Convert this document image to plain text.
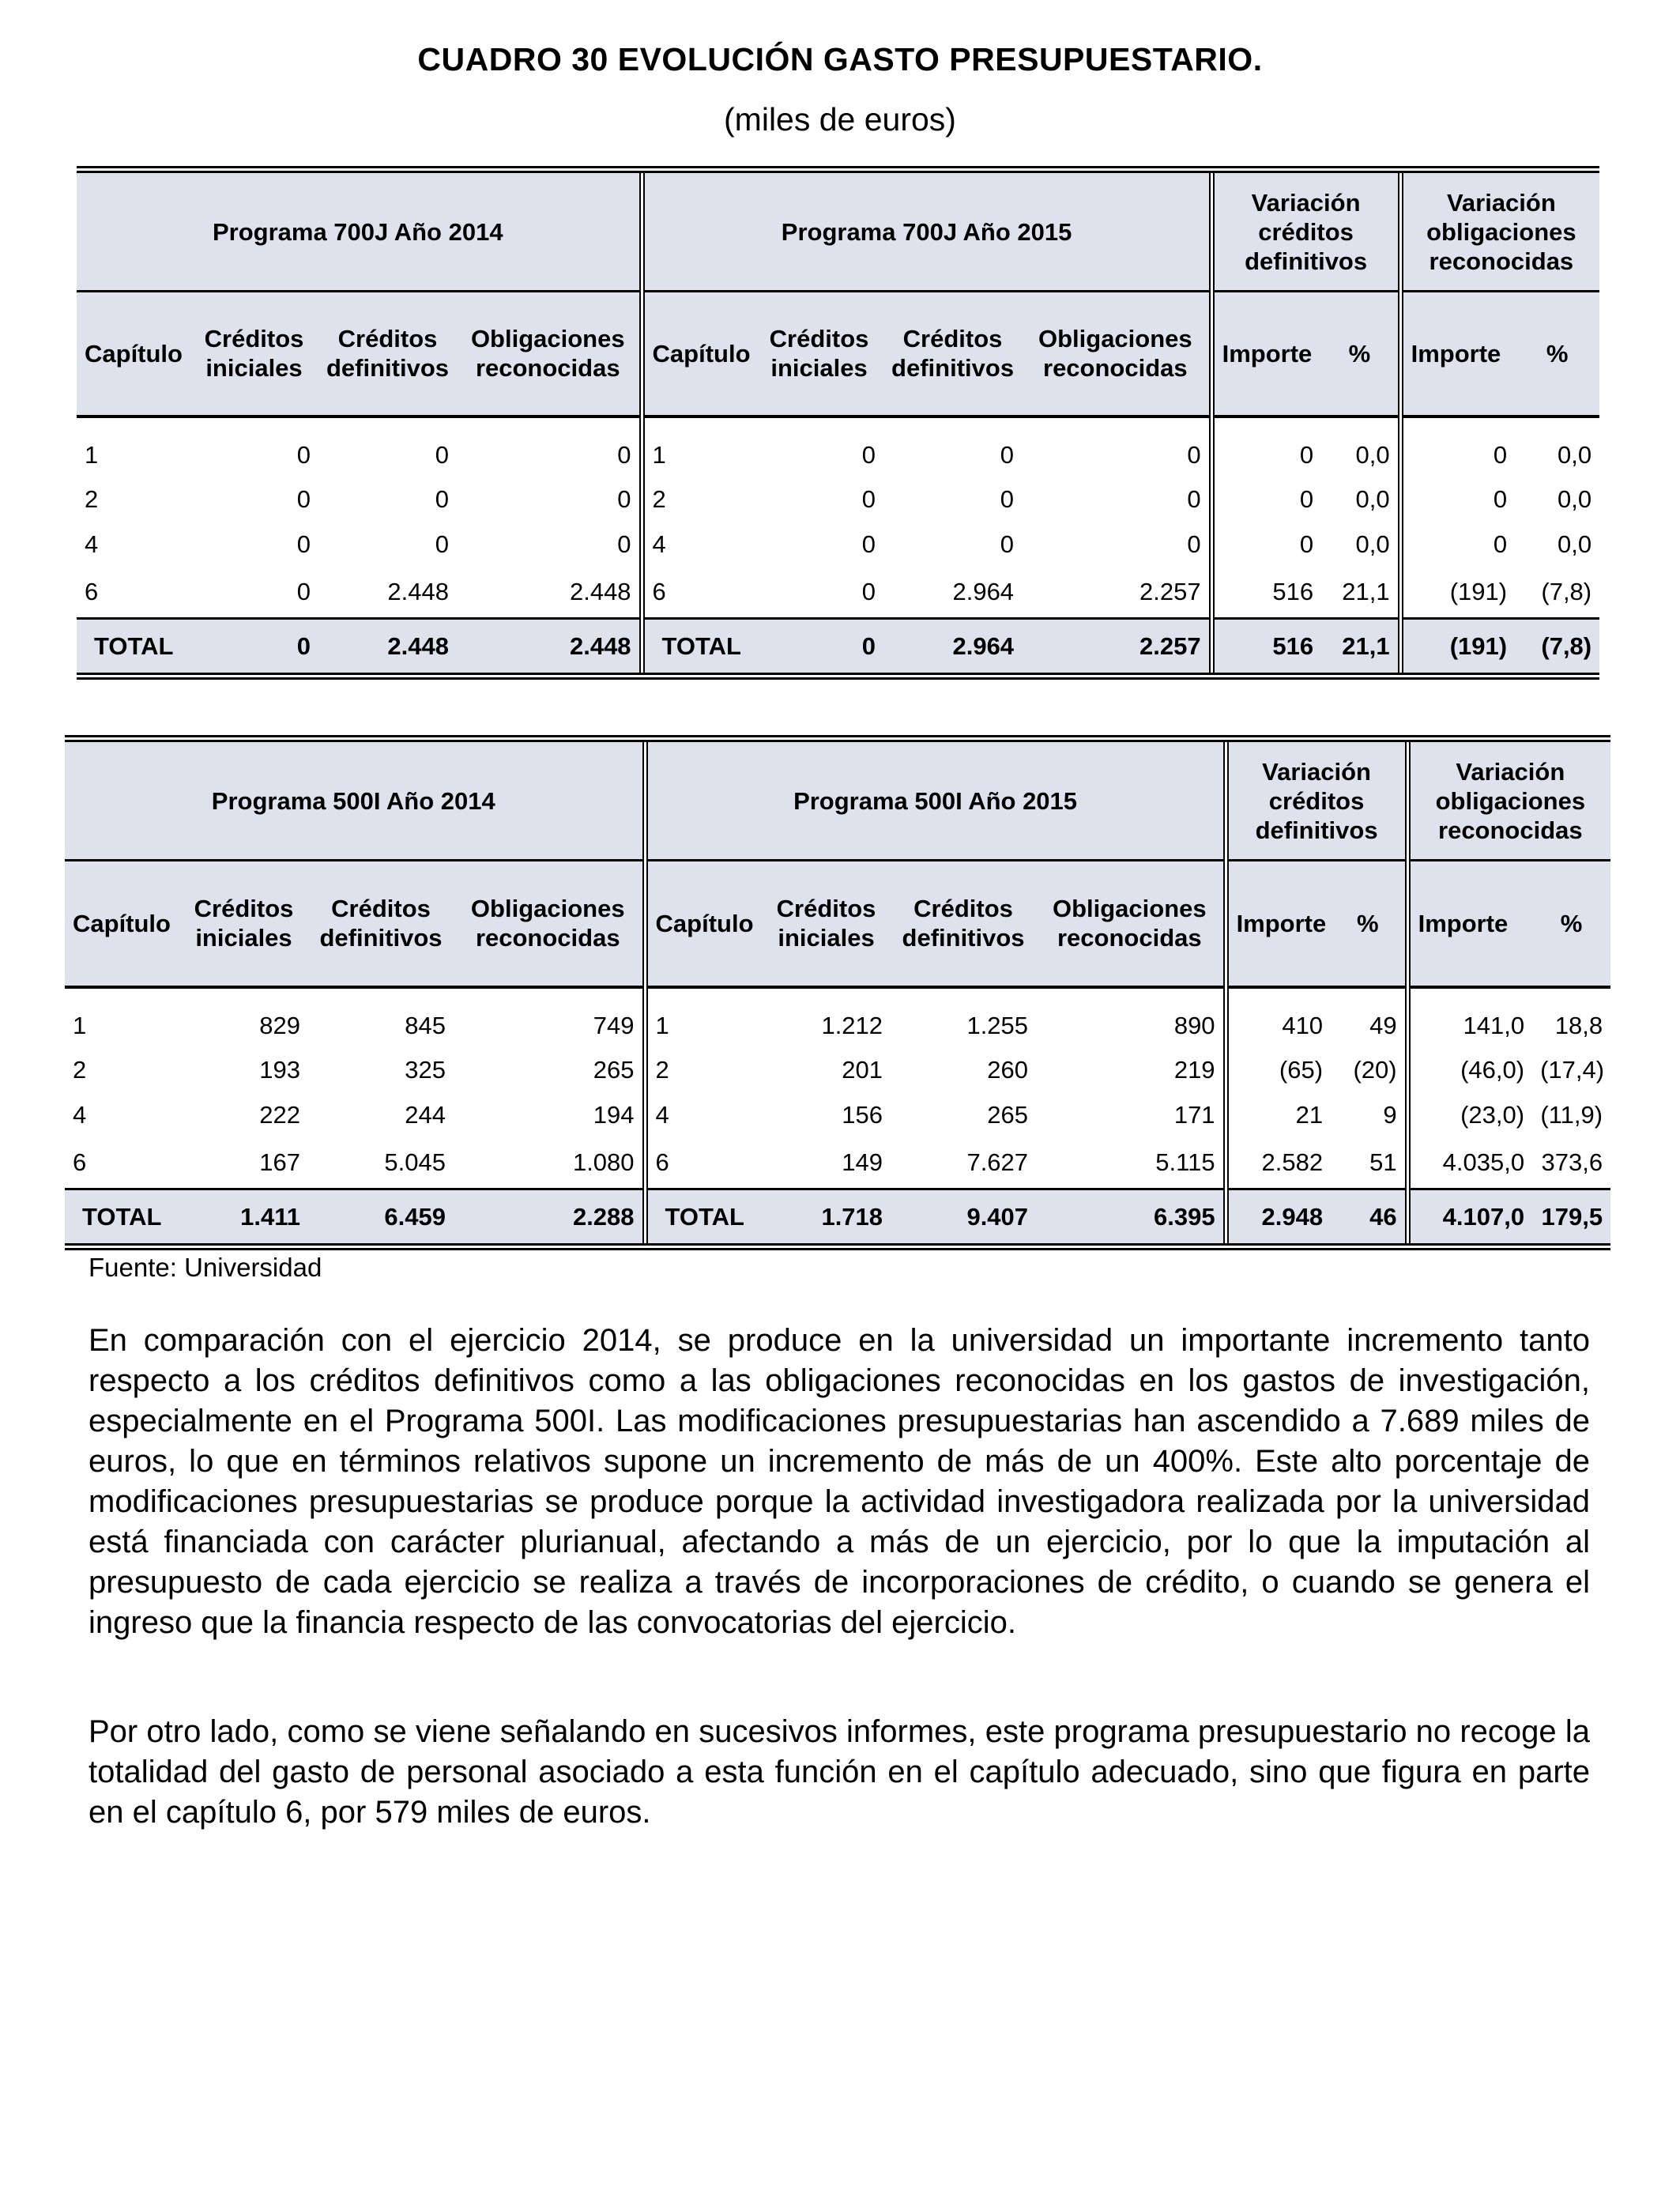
CUADRO 30 EVOLUCIÓN GASTO PRESUPUESTARIO.
(miles de euros)
Programa 700J Año 2014				Programa 700J Año 2015				Variación
créditos
definitivos		Variación
obligaciones
reconocidas	
Capítulo	Créditos
iniciales	Créditos
definitivos	Obligaciones
reconocidas	Capítulo	Créditos
iniciales	Créditos
definitivos	Obligaciones
reconocidas	Importe	%	Importe	%
1	0	0	0	1	0	0	0	0	0,0	0	0,0
2	0	0	0	2	0	0	0	0	0,0	0	0,0
4	0	0	0	4	0	0	0	0	0,0	0	0,0
6	0	2.448	2.448	6	0	2.964	2.257	516	21,1	(191)	(7,8)
TOTAL	0	2.448	2.448	TOTAL	0	2.964	2.257	516	21,1	(191)	(7,8)
Programa 500I Año 2014				Programa 500I Año 2015				Variación
créditos
definitivos		Variación
obligaciones
reconocidas	
Capítulo	Créditos
iniciales	Créditos
definitivos	Obligaciones
reconocidas	Capítulo	Créditos
iniciales	Créditos
definitivos	Obligaciones
reconocidas	Importe	%	Importe	%
1	829	845	749	1	1.212	1.255	890	410	49	141,0	18,8
2	193	325	265	2	201	260	219	(65)	(20)	(46,0)	(17,4)
4	222	244	194	4	156	265	171	21	9	(23,0)	(11,9)
6	167	5.045	1.080	6	149	7.627	5.115	2.582	51	4.035,0	373,6
TOTAL	1.411	6.459	2.288	TOTAL	1.718	9.407	6.395	2.948	46	4.107,0	179,5
Fuente: Universidad
En comparación con el ejercicio 2014, se produce en la universidad un importante incremento tanto respecto a los créditos definitivos como a las obligaciones reconocidas en los gastos de investigación, especialmente en el Programa 500I. Las modificaciones presupuestarias han ascendido a 7.689 miles de euros, lo que en términos relativos supone un incremento de más de un 400%. Este alto porcentaje de modificaciones presupuestarias se produce porque la actividad investigadora realizada por la universidad está financiada con carácter plurianual, afectando a más de un ejercicio, por lo que la imputación al presupuesto de cada ejercicio se realiza a través de incorporaciones de crédito, o cuando se genera el ingreso que la financia respecto de las convocatorias del ejercicio.
Por otro lado, como se viene señalando en sucesivos informes, este programa presupuestario no recoge la totalidad del gasto de personal asociado a esta función en el capítulo adecuado, sino que figura en parte en el capítulo 6, por 579 miles de euros.
